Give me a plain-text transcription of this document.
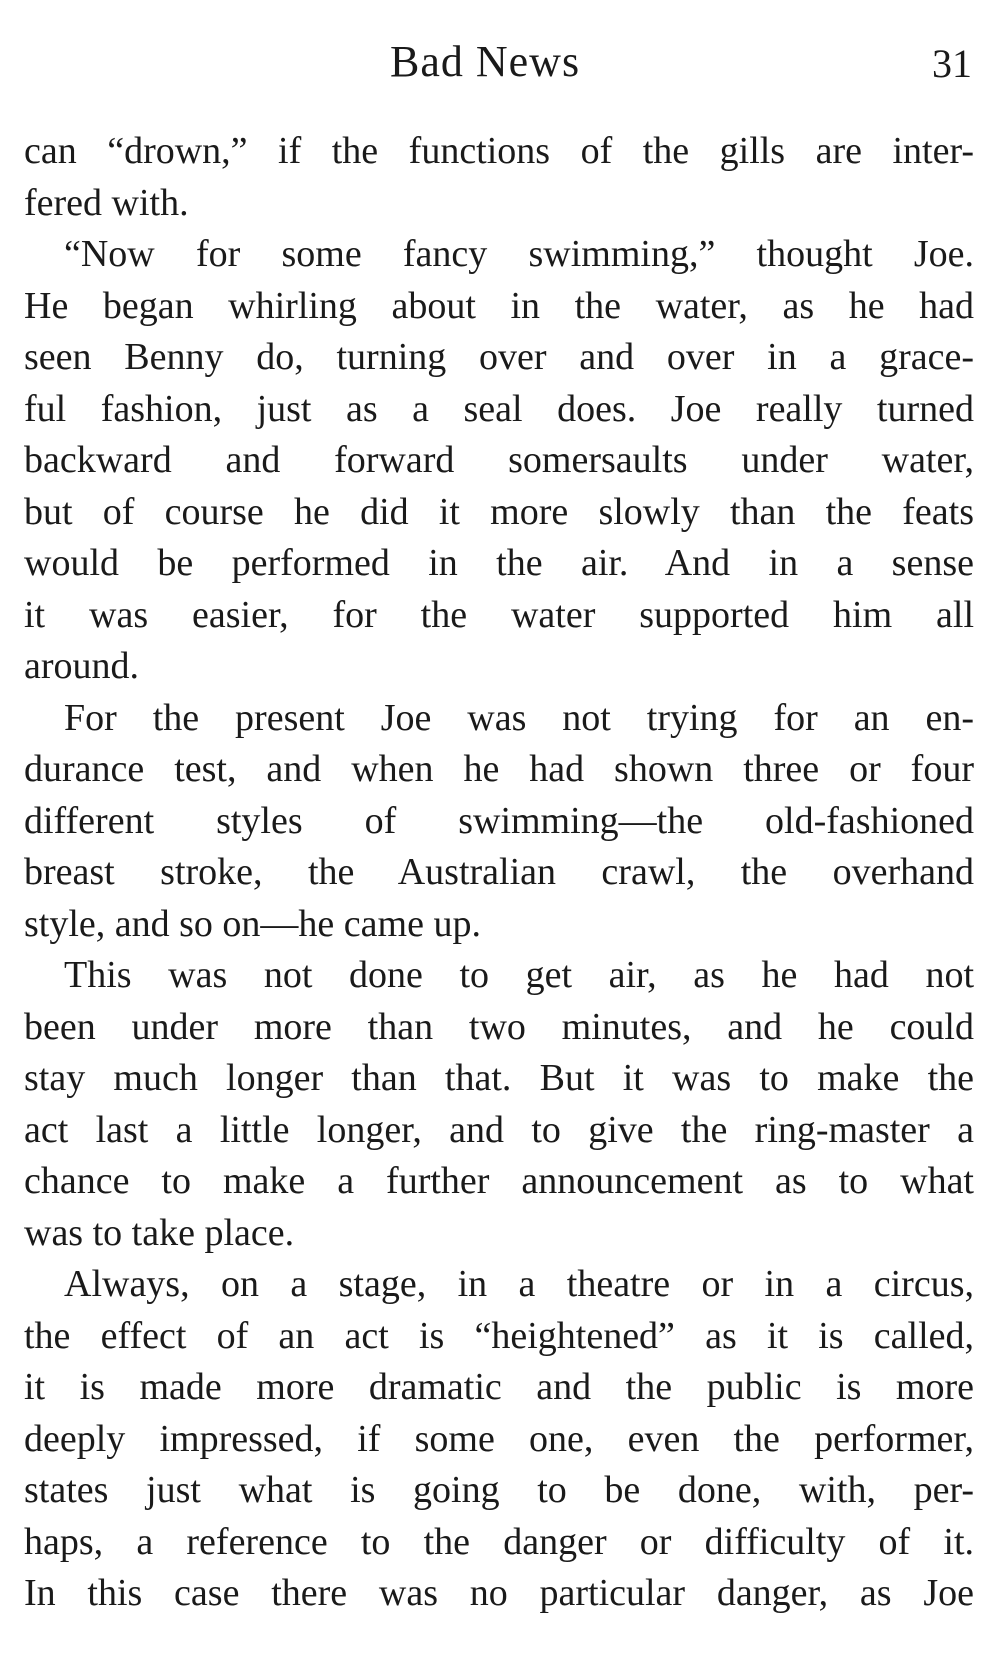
Bad News	31
can “drown,” if the functions of the gills are inter-
fered with.
“Now for some fancy swimming,” thought Joe.
He began whirling about in the water, as he had
seen Benny do, turning over and over in a grace-
ful fashion, just as a seal does. Joe really turned
backward and forward somersaults under water,
but of course he did it more slowly than the feats
would be performed in the air. And in a sense
it was easier, for the water supported him all
around.
For the present Joe was not trying for an en-
durance test, and when he had shown three or four
different styles of swimming—the old-fashioned
breast stroke, the Australian crawl, the overhand
style, and so on—he came up.
This was not done to get air, as he had not
been under more than two minutes, and he could
stay much longer than that. But it was to make the
act last a little longer, and to give the ring-master a
chance to make a further announcement as to what
was to take place.
Always, on a stage, in a theatre or in a circus,
the effect of an act is “heightened” as it is called,
it is made more dramatic and the public is more
deeply impressed, if some one, even the performer,
states just what is going to be done, with, per-
haps, a reference to the danger or difficulty of it.
In this case there was no particular danger, as Joe
